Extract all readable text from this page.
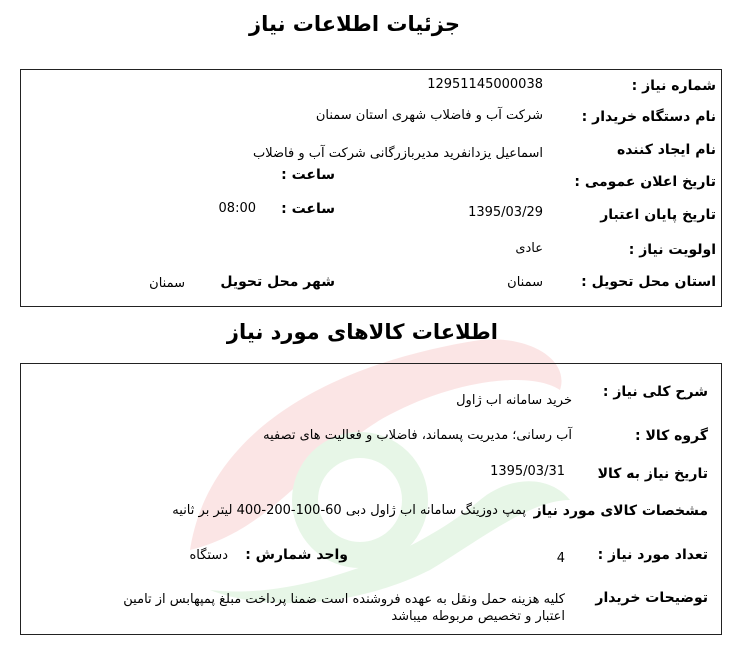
جزئیات اطلاعات نیاز
شماره نیاز :
12951145000038
نام دستگاه خریدار :
شرکت آب و فاضلاب شهری استان سمنان
نام ایجاد کننده
اسماعیل یزدانفرید مدیربازرگانی شرکت آب و فاضلاب
تاریخ اعلان عمومی :
ساعت :
تاریخ پایان اعتبار
1395/03/29
ساعت :
08:00
اولویت نیاز :
عادی
استان محل تحویل :
سمنان
شهر محل تحویل
سمنان
اطلاعات کالاهای مورد نیاز
شرح کلی نیاز :
خرید سامانه اب ژاول
گروه کالا :
آب رسانی؛ مدیریت پسماند، فاضلاب و فعالیت های تصفیه
تاریخ نیاز به کالا
1395/03/31
مشخصات کالای مورد نیاز
پمپ دوزینگ سامانه اب ژاول دبی 60-100-200-400 لیتر بر ثانیه
تعداد مورد نیاز :
4
واحد شمارش :
دستگاه
توضیحات خریدار
کلیه هزینه حمل ونقل به عهده فروشنده است ضمنا پرداخت مبلغ پمپهابس از تامین
اعتبار و تخصیص مربوطه میباشد
